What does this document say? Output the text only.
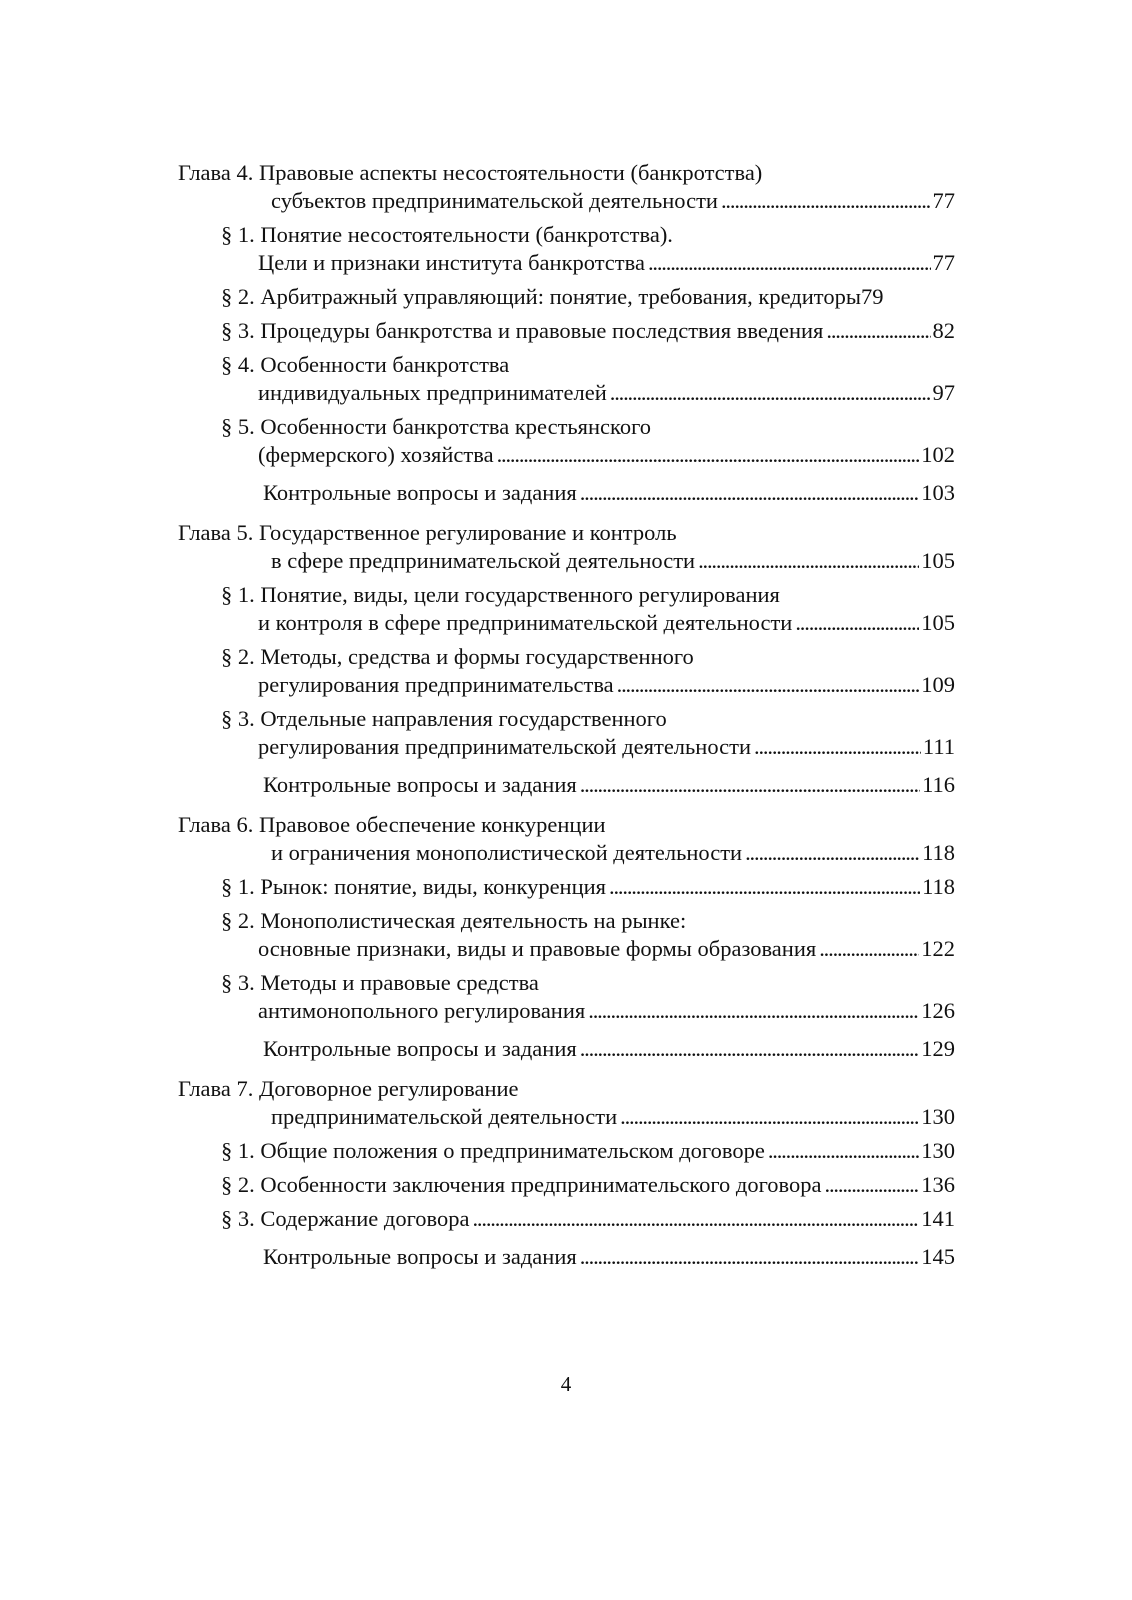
Глава 4. Правовые аспекты несостоятельности (банкротства)
субъектов предпринимательской деятельности . . .	77
§ 1. Понятие несостоятельности (банкротства).
Цели и признаки института банкротства . . .	77
§ 2. Арбитражный управляющий: понятие, требования, кредиторы 79
§ 3. Процедуры банкротства и правовые последствия введения . . .	82
§ 4. Особенности банкротства
индивидуальных предпринимателей . . .	97
§ 5. Особенности банкротства крестьянского
(фермерского) хозяйства . . .	102
Контрольные вопросы и задания . . .	103
Глава 5. Государственное регулирование и контроль
в сфере предпринимательской деятельности . . .	105
§ 1. Понятие, виды, цели государственного регулирования
и контроля в сфере предпринимательской деятельности . . .	105
§ 2. Методы, средства и формы государственного
регулирования предпринимательства . . .	109
§ 3. Отдельные направления государственного
регулирования предпринимательской деятельности . . .	111
Контрольные вопросы и задания . . .	116
Глава 6. Правовое обеспечение конкуренции
и ограничения монополистической деятельности . . .	118
§ 1. Рынок: понятие, виды, конкуренция . . .	118
§ 2. Монополистическая деятельность на рынке:
основные признаки, виды и правовые формы образования . . .	122
§ 3. Методы и правовые средства
антимонопольного регулирования . . .	126
Контрольные вопросы и задания . . .	129
Глава 7. Договорное регулирование
предпринимательской деятельности . . .	130
§ 1. Общие положения о предпринимательском договоре . . .	130
§ 2. Особенности заключения предпринимательского договора . . .	136
§ 3. Содержание договора . . .	141
Контрольные вопросы и задания . . .	145
4
